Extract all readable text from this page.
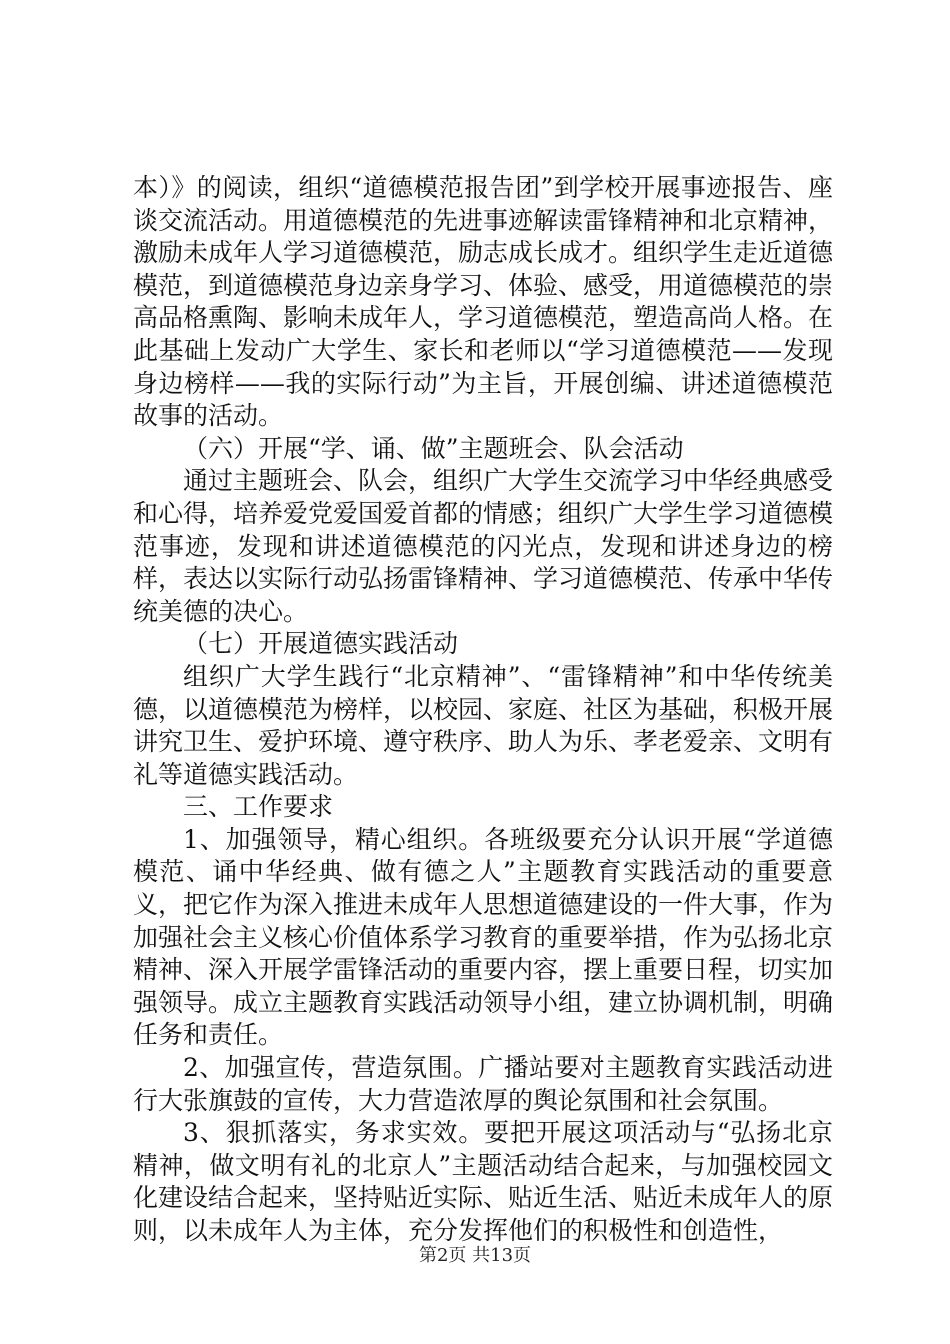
本）》的阅读，组织“道德模范报告团”到学校开展事迹报告、座谈交流活动。用道德模范的先进事迹解读雷锋精神和北京精神，激励未成年人学习道德模范，励志成长成才。组织学生走近道德模范，到道德模范身边亲身学习、体验、感受，用道德模范的崇高品格熏陶、影响未成年人，学习道德模范，塑造高尚人格。在此基础上发动广大学生、家长和老师以“学习道德模范——发现身边榜样——我的实际行动”为主旨，开展创编、讲述道德模范故事的活动。

（六）开展“学、诵、做”主题班会、队会活动

通过主题班会、队会，组织广大学生交流学习中华经典感受和心得，培养爱党爱国爱首都的情感；组织广大学生学习道德模范事迹，发现和讲述道德模范的闪光点，发现和讲述身边的榜样，表达以实际行动弘扬雷锋精神、学习道德模范、传承中华传统美德的决心。

（七）开展道德实践活动

组织广大学生践行“北京精神”、“雷锋精神”和中华传统美德，以道德模范为榜样，以校园、家庭、社区为基础，积极开展讲究卫生、爱护环境、遵守秩序、助人为乐、孝老爱亲、文明有礼等道德实践活动。

三、工作要求

1、加强领导，精心组织。各班级要充分认识开展“学道德模范、诵中华经典、做有德之人”主题教育实践活动的重要意义，把它作为深入推进未成年人思想道德建设的一件大事，作为加强社会主义核心价值体系学习教育的重要举措，作为弘扬北京精神、深入开展学雷锋活动的重要内容，摆上重要日程，切实加强领导。成立主题教育实践活动领导小组，建立协调机制，明确任务和责任。

2、加强宣传，营造氛围。广播站要对主题教育实践活动进行大张旗鼓的宣传，大力营造浓厚的舆论氛围和社会氛围。

3、狠抓落实，务求实效。要把开展这项活动与“弘扬北京精神，做文明有礼的北京人”主题活动结合起来，与加强校园文化建设结合起来，坚持贴近实际、贴近生活、贴近未成年人的原则，以未成年人为主体，充分发挥他们的积极性和创造性，

第2页 共13页
